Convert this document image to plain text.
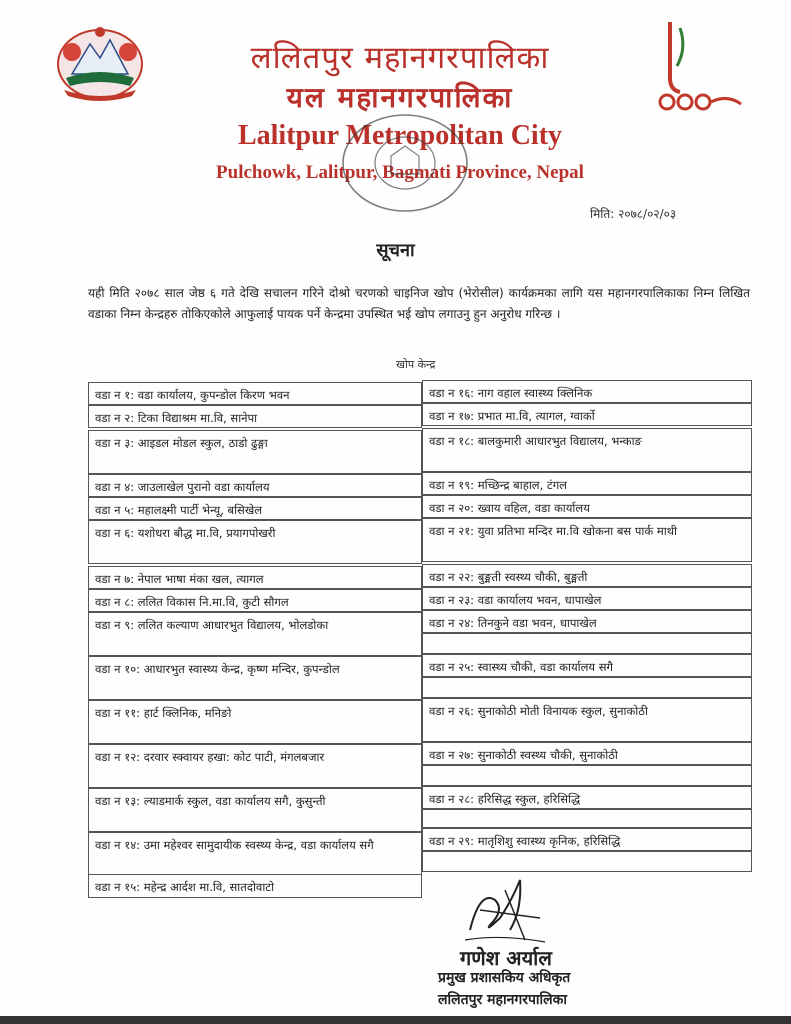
ललितपुर महानगरपालिका
यल महानगरपालिका
Lalitpur Metropolitan City
Pulchowk, Lalitpur, Bagmati Province, Nepal
मिति: २०७८/०२/०३
सूचना
यही मिति २०७८ साल जेष्ठ ६ गते देखि सचालन गरिने दोश्रो चरणको चाइनिज खोप (भेरोसील) कार्यक्रमका लागि यस महानगरपालिकाका निम्न लिखित वडाका निम्न केन्द्रहरु तोकिएकोले आफुलाई पायक पर्ने केन्द्रमा उपस्थित भई खोप लगाउनु हुन अनुरोध गरिन्छ ।
खोप केन्द्र
वडा न १: वडा कार्यालय, कुपन्डोल किरण भवन
वडा न २: टिका विद्याश्रम मा.वि, सानेपा
वडा न ३: आइडल मोडल स्कुल, ठाडो ढुङ्गा
वडा न ४: जाउलाखेल पुरानो वडा कार्यालय
वडा न ५: महालक्ष्मी पार्टी भेन्यू, बसिखेल
वडा न ६: यशोधरा बौद्ध मा.वि, प्रयागपोखरी
वडा न ७: नेपाल भाषा मंका खल, त्यागल
वडा न ८: ललित विकास नि.मा.वि, कुटी सौगल
वडा न ९: ललित कल्याण आधारभुत विद्यालय, भोलडोका
वडा न १०: आधारभुत स्वास्थ्य केन्द्र, कृष्ण मन्दिर, कुपन्डोल
वडा न ११: हार्ट क्लिनिक, मनिङो
वडा न १२: दरवार स्क्वायर हखा: कोट पाटी, मंगलबजार
वडा न १३: ल्याडमार्क स्कुल, वडा कार्यालय सगै, कुसुन्ती
वडा न १४: उमा महेश्वर सामुदायीक स्वस्थ्य केन्द्र, वडा कार्यालय सगै
वडा न १५: महेन्द्र आर्दश मा.वि, सातदोवाटो
वडा न १६: नाग वहाल स्वास्थ्य क्लिनिक
वडा न १७: प्रभात मा.वि, त्यागल, ग्वार्को
वडा न १८: बालकुमारी आधारभुत विद्यालय, भन्काङ
वडा न १९: मच्छिन्द्र बाहाल, टंगल
वडा न २०: ख्वाय वहिल, वडा कार्यालय
वडा न २१: युवा प्रतिभा मन्दिर मा.वि खोकना बस पार्क माथी
वडा न २२: बुङ्मती स्वस्थ्य चौकी, बुङ्मती
वडा न २३: वडा कार्यालय भवन, धापाखेल
वडा न २४: तिनकुने वडा भवन, धापाखेल
वडा न २५: स्वास्थ्य चौकी, वडा कार्यालय सगै
वडा न २६: सुनाकोठी मोती विनायक स्कुल, सुनाकोठी
वडा न २७: सुनाकोठी स्वस्थ्य चौकी, सुनाकोठी
वडा न २८: हरिसिद्ध स्कुल, हरिसिद्धि
वडा न २९: मातृशिशु स्वास्थ्य कृनिक, हरिसिद्धि
गणेश अर्याल
प्रमुख प्रशासकिय अधिकृत
ललितपुर महानगरपालिका
